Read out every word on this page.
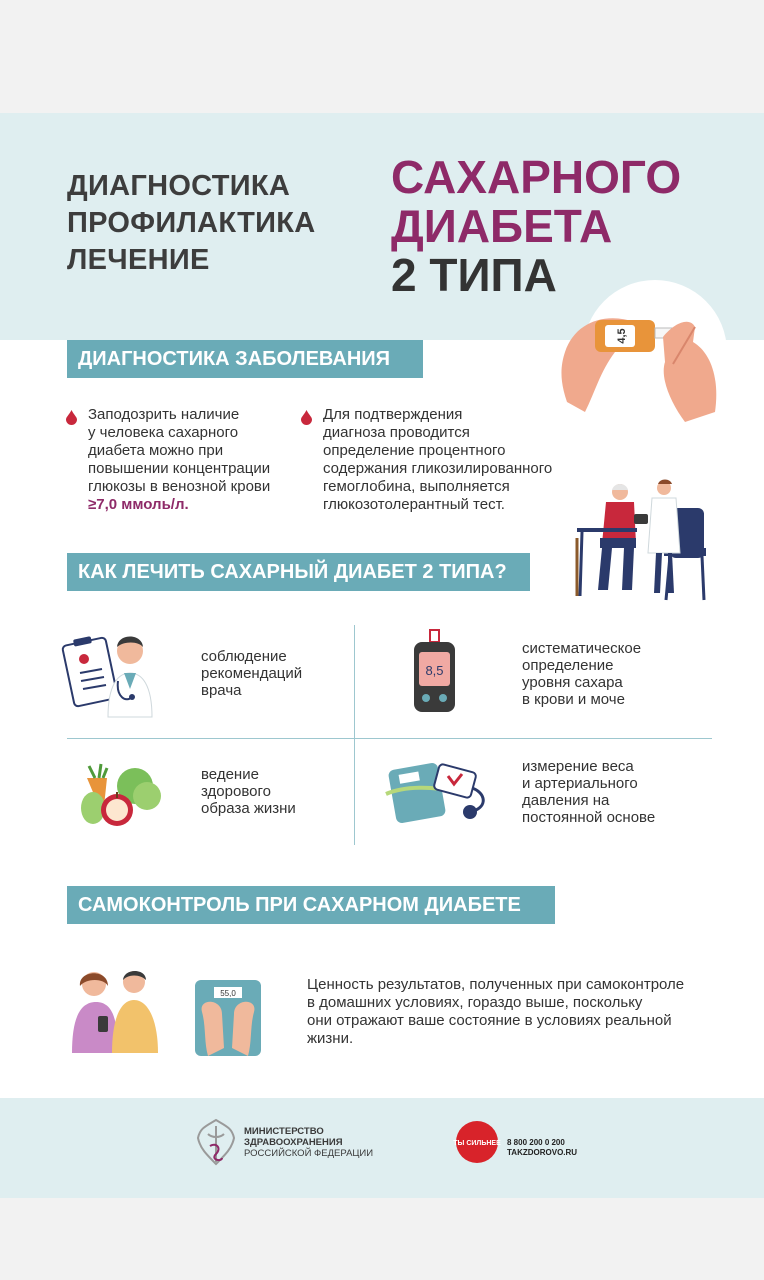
ДИАГНОСТИКА
ПРОФИЛАКТИКА
ЛЕЧЕНИЕ
САХАРНОГО
ДИАБЕТА
2 ТИПА
4,5
ДИАГНОСТИКА ЗАБОЛЕВАНИЯ
Заподозрить наличие
у человека сахарного
диабета можно при
повышении концентрации
глюкозы в венозной крови
≥7,0 ммоль/л.
Для подтверждения
диагноза проводится
определение процентного
содержания гликозилированного
гемоглобина, выполняется
глюкозотолерантный тест.
КАК ЛЕЧИТЬ САХАРНЫЙ ДИАБЕТ 2 ТИПА?
соблюдение
рекомендаций
врача
8,5
систематическое
определение
уровня сахара
в крови и моче
ведение
здорового
образа жизни
измерение веса
и артериального
давления на
постоянной основе
САМОКОНТРОЛЬ ПРИ САХАРНОМ ДИАБЕТЕ
55,0
Ценность результатов, полученных при самоконтроле
в домашних условиях, гораздо выше, поскольку
они отражают ваше состояние в условиях реальной
жизни.
МИНИСТЕРСТВО
ЗДРАВООХРАНЕНИЯ
РОССИЙСКОЙ ФЕДЕРАЦИИ
ТЫ СИЛЬНЕЕ 8 800 200 0 200
TAKZDOROVO.RU
